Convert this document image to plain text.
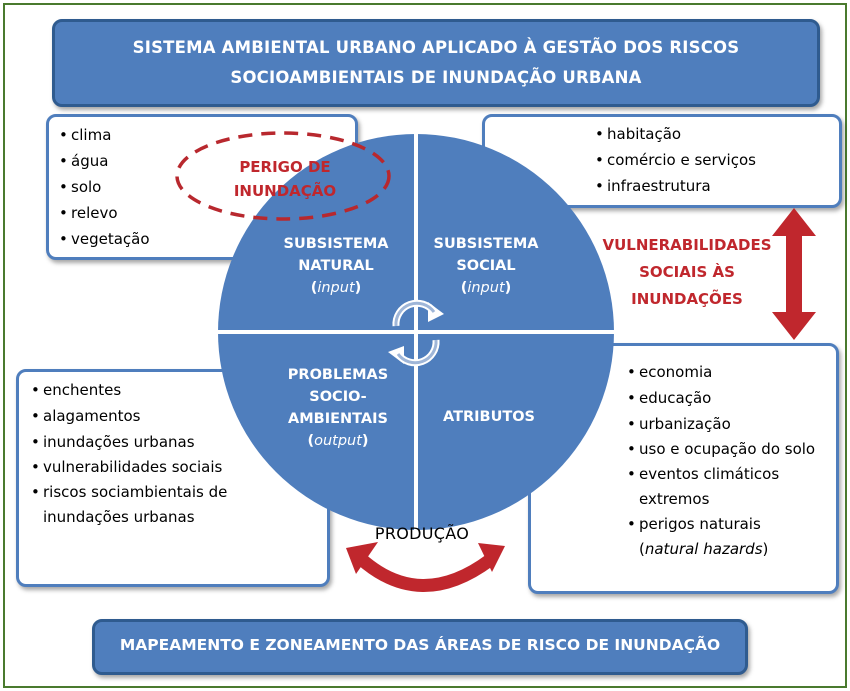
SISTEMA AMBIENTAL URBANO APLICADO À GESTÃO DOS RISCOS
SOCIOAMBIENTAIS DE INUNDAÇÃO URBANA
• clima
• água
• solo
• relevo
• vegetação
• habitação
• comércio e serviços
• infraestrutura
• enchentes
• alagamentos
• inundações urbanas
• vulnerabilidades sociais
• riscos sociambientais de inundações urbanas
• economia
• educação
• urbanização
• uso e ocupação do solo
• eventos climáticos extremos
• perigos naturais
(natural hazards)
PERIGO DE
INUNDAÇÃO
SUBSISTEMA
NATURAL
(input)
SUBSISTEMA
SOCIAL
(input)
PROBLEMAS
SOCIO-
AMBIENTAIS
(output)
ATRIBUTOS
VULNERABILIDADES
SOCIAIS ÀS
INUNDAÇÕES
PRODUÇÃO
MAPEAMENTO E ZONEAMENTO DAS ÁREAS DE RISCO DE INUNDAÇÃO
